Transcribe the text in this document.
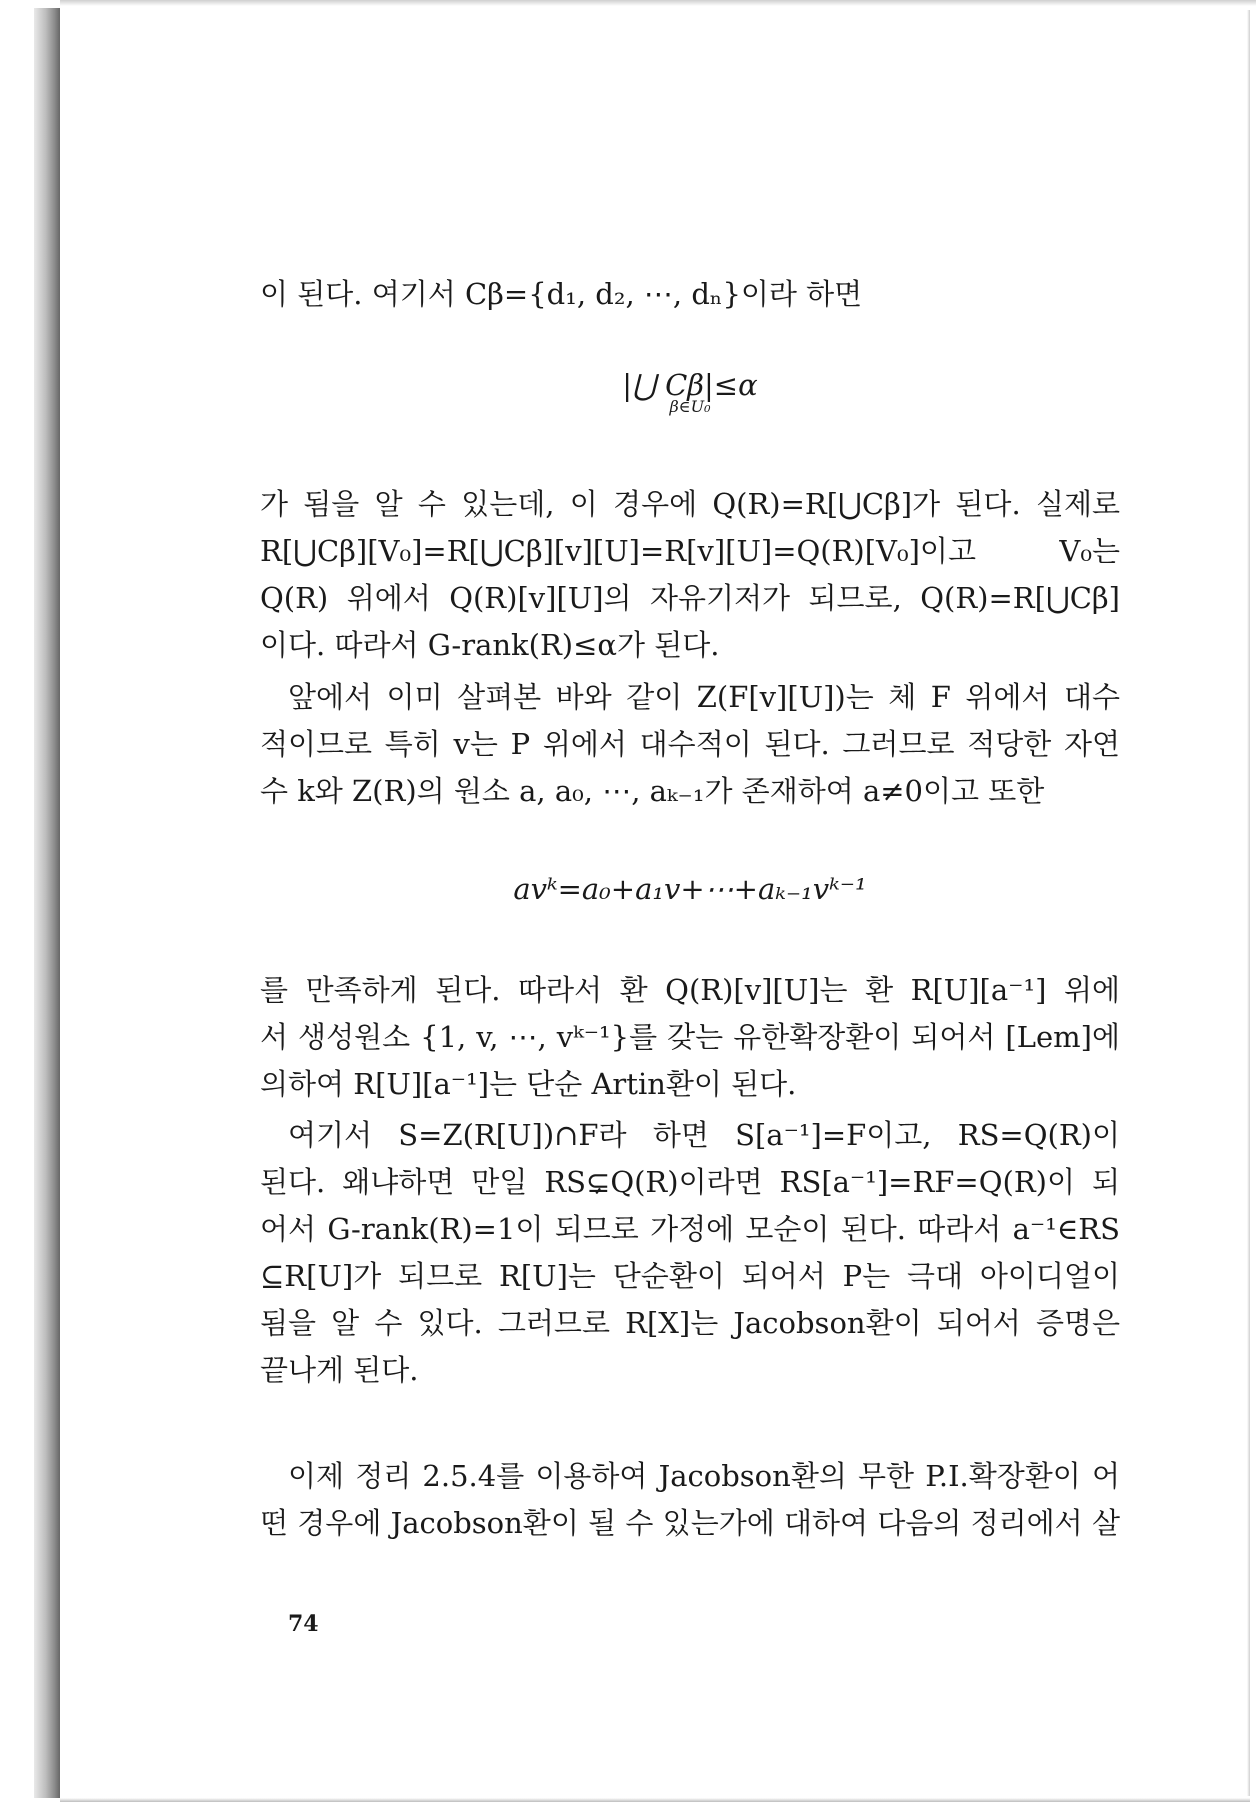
이 된다. 여기서 Cβ={d₁, d₂, ⋯, dₙ}이라 하면
|⋃ Cβ|≤α
β∈U₀
가 됨을 알 수 있는데, 이 경우에 Q(R)=R[⋃Cβ]가 된다. 실제로
R[⋃Cβ][V₀]=R[⋃Cβ][v][U]=R[v][U]=Q(R)[V₀]이고 V₀는
Q(R) 위에서 Q(R)[v][U]의 자유기저가 되므로, Q(R)=R[⋃Cβ]
이다. 따라서 G-rank(R)≤α가 된다.
앞에서 이미 살펴본 바와 같이 Z(F[v][U])는 체 F 위에서 대수
적이므로 특히 v는 P 위에서 대수적이 된다. 그러므로 적당한 자연
수 k와 Z(R)의 원소 a, a₀, ⋯, aₖ₋₁가 존재하여 a≠0이고 또한
avᵏ=a₀+a₁v+⋯+aₖ₋₁vᵏ⁻¹
를 만족하게 된다. 따라서 환 Q(R)[v][U]는 환 R[U][a⁻¹] 위에
서 생성원소 {1, v, ⋯, vᵏ⁻¹}를 갖는 유한확장환이 되어서 [Lem]에
의하여 R[U][a⁻¹]는 단순 Artin환이 된다.
여기서 S=Z(R[U])∩F라 하면 S[a⁻¹]=F이고, RS=Q(R)이
된다. 왜냐하면 만일 RS⊊Q(R)이라면 RS[a⁻¹]=RF=Q(R)이 되
어서 G-rank(R)=1이 되므로 가정에 모순이 된다. 따라서 a⁻¹∈RS
⊆R[U]가 되므로 R[U]는 단순환이 되어서 P는 극대 아이디얼이
됨을 알 수 있다. 그러므로 R[X]는 Jacobson환이 되어서 증명은
끝나게 된다.
이제 정리 2.5.4를 이용하여 Jacobson환의 무한 P.I.확장환이 어
떤 경우에 Jacobson환이 될 수 있는가에 대하여 다음의 정리에서 살
74
